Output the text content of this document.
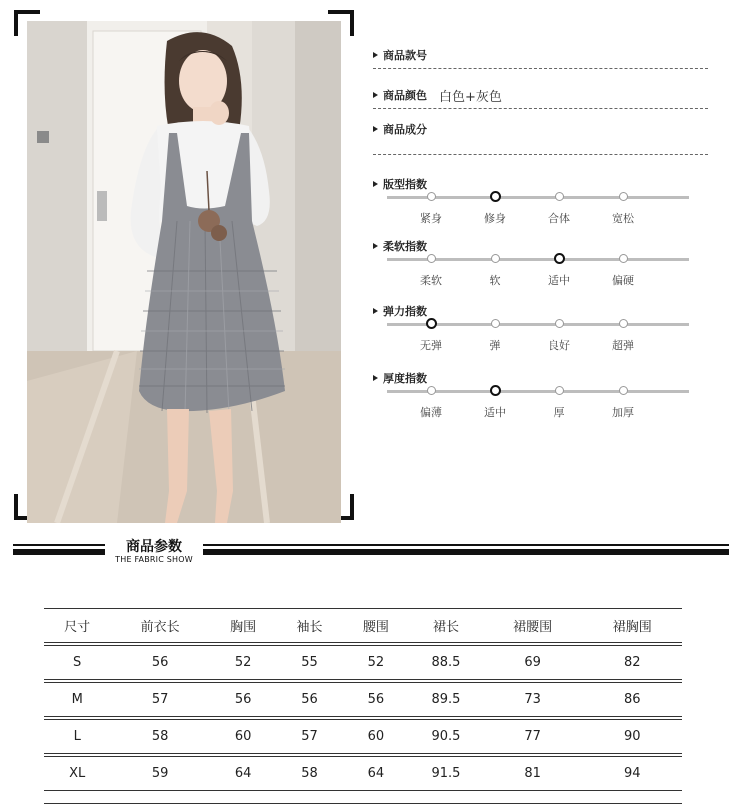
商品款号
商品颜色 白色+灰色
商品成分
版型指数
紧身	修身	合体	宽松
柔软指数
柔软	软	适中	偏硬
弹力指数
无弹	弹	良好	超弹
厚度指数
偏薄	适中	厚	加厚
商品参数
THE FABRIC SHOW
尺寸	前衣长	胸围	袖长	腰围	裙长	裙腰围	裙胸围

S	56	52	55	52	88.5	69	82

M	57	56	56	56	89.5	73	86

L	58	60	57	60	90.5	77	90

XL	59	64	58	64	91.5	81	94
